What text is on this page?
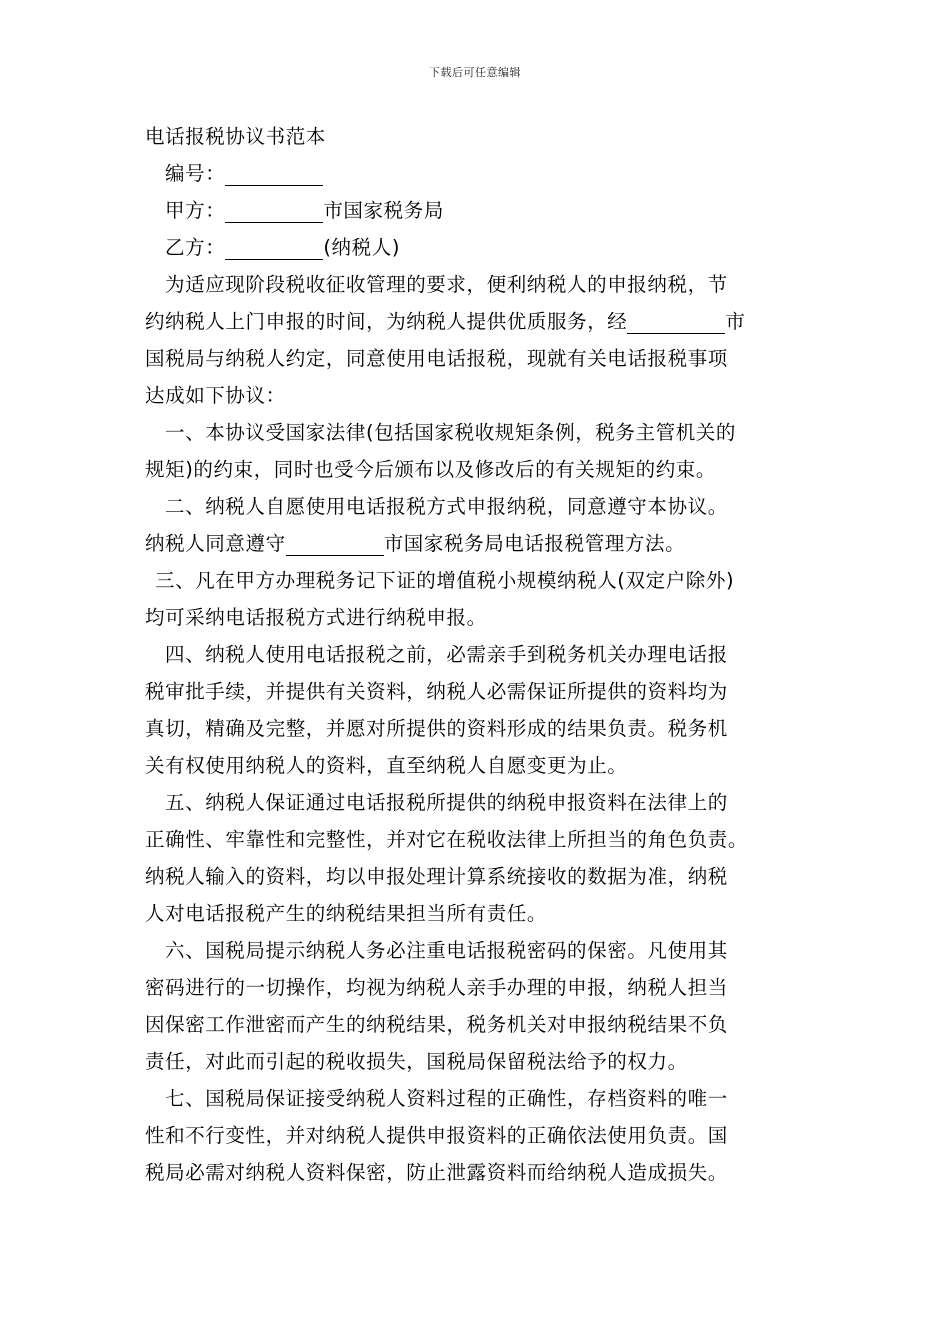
下载后可任意编辑
电话报税协议书范本
编号：
甲方：	市国家税务局
乙方：	(纳税人)
为适应现阶段税收征收管理的要求，便利纳税人的申报纳税，节
约纳税人上门申报的时间，为纳税人提供优质服务，经	市
国税局与纳税人约定，同意使用电话报税，现就有关电话报税事项
达成如下协议：
一、本协议受国家法律(包括国家税收规矩条例，税务主管机关的
规矩)的约束，同时也受今后颁布以及修改后的有关规矩的约束。
二、纳税人自愿使用电话报税方式申报纳税，同意遵守本协议。
纳税人同意遵守	市国家税务局电话报税管理方法。
三、凡在甲方办理税务记下证的增值税小规模纳税人(双定户除外)
均可采纳电话报税方式进行纳税申报。
四、纳税人使用电话报税之前，必需亲手到税务机关办理电话报
税审批手续，并提供有关资料，纳税人必需保证所提供的资料均为
真切，精确及完整，并愿对所提供的资料形成的结果负责。税务机
关有权使用纳税人的资料，直至纳税人自愿变更为止。
五、纳税人保证通过电话报税所提供的纳税申报资料在法律上的
正确性、牢靠性和完整性，并对它在税收法律上所担当的角色负责。
纳税人输入的资料，均以申报处理计算系统接收的数据为准，纳税
人对电话报税产生的纳税结果担当所有责任。
六、国税局提示纳税人务必注重电话报税密码的保密。凡使用其
密码进行的一切操作，均视为纳税人亲手办理的申报，纳税人担当
因保密工作泄密而产生的纳税结果，税务机关对申报纳税结果不负
责任，对此而引起的税收损失，国税局保留税法给予的权力。
七、国税局保证接受纳税人资料过程的正确性，存档资料的唯一
性和不行变性，并对纳税人提供申报资料的正确依法使用负责。国
税局必需对纳税人资料保密，防止泄露资料而给纳税人造成损失。
